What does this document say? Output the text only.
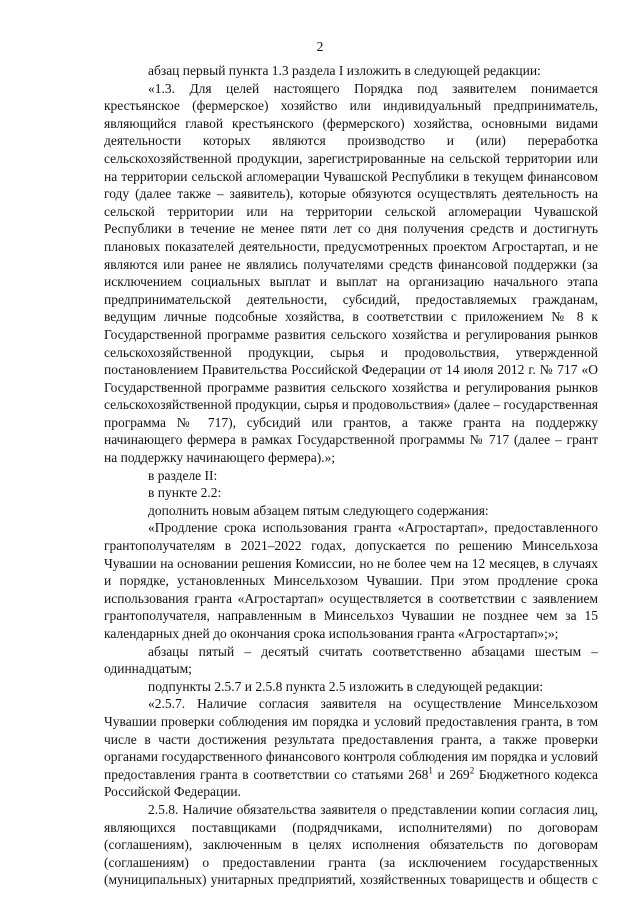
2

абзац первый пункта 1.3 раздела I изложить в следующей редакции:

«1.3. Для целей настоящего Порядка под заявителем понимается крестьянское (фермерское) хозяйство или индивидуальный предприниматель, являющийся главой крестьянского (фермерского) хозяйства, основными видами деятельности которых являются производство и (или) переработка сельскохозяйственной продукции, зарегистрированные на сельской территории или на территории сельской агломерации Чувашской Республики в текущем финансовом году (далее также – заявитель), которые обязуются осуществлять деятельность на сельской территории или на территории сельской агломерации Чувашской Республики в течение не менее пяти лет со дня получения средств и достигнуть плановых показателей деятельности, предусмотренных проектом Агростартап, и не являются или ранее не являлись получателями средств финансовой поддержки (за исключением социальных выплат и выплат на организацию начального этапа предпринимательской деятельности, субсидий, предоставляемых гражданам, ведущим личные подсобные хозяйства, в соответствии с приложением № 8 к Государственной программе развития сельского хозяйства и регулирования рынков сельскохозяйственной продукции, сырья и продовольствия, утвержденной постановлением Правительства Российской Федерации от 14 июля 2012 г. № 717 «О Государственной программе развития сельского хозяйства и регулирования рынков сельскохозяйственной продукции, сырья и продовольствия» (далее – государственная программа № 717), субсидий или грантов, а также гранта на поддержку начинающего фермера в рамках Государственной программы № 717 (далее – грант на поддержку начинающего фермера).»;

в разделе II:

в пункте 2.2:

дополнить новым абзацем пятым следующего содержания:

«Продление срока использования гранта «Агростартап», предоставленного грантополучателям в 2021–2022 годах, допускается по решению Минсельхоза Чувашии на основании решения Комиссии, но не более чем на 12 месяцев, в случаях и порядке, установленных Минсельхозом Чувашии. При этом продление срока использования гранта «Агростартап» осуществляется в соответствии с заявлением грантополучателя, направленным в Минсельхоз Чувашии не позднее чем за 15 календарных дней до окончания срока использования гранта «Агростартап»;»;

абзацы пятый – десятый считать соответственно абзацами шестым – одиннадцатым;

подпункты 2.5.7 и 2.5.8 пункта 2.5 изложить в следующей редакции:

«2.5.7. Наличие согласия заявителя на осуществление Минсельхозом Чувашии проверки соблюдения им порядка и условий предоставления гранта, в том числе в части достижения результата предоставления гранта, а также проверки органами государственного финансового контроля соблюдения им порядка и условий предоставления гранта в соответствии со статьями $268^1$ и $269^2$ Бюджетного кодекса Российской Федерации.

2.5.8. Наличие обязательства заявителя о представлении копии согласия лиц, являющихся поставщиками (подрядчиками, исполнителями) по договорам (соглашениям), заключенным в целях исполнения обязательств по договорам (соглашениям) о предоставлении гранта (за исключением государственных (муниципальных) унитарных предприятий, хозяйственных товариществ и обществ с
